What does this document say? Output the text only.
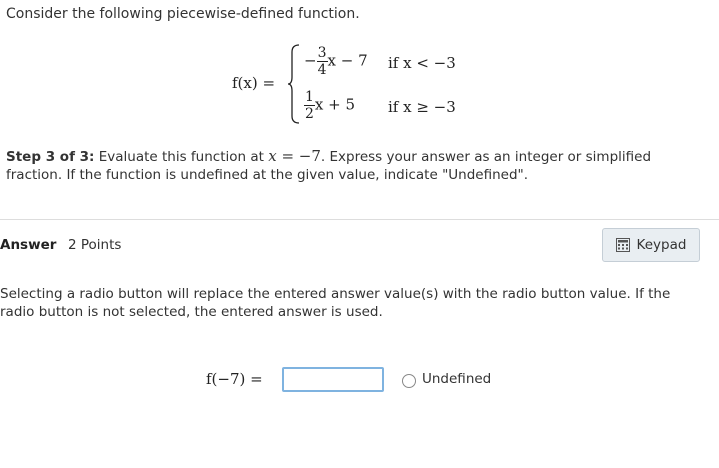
Consider the following piecewise-defined function.
f(x) =
− $\frac{3}{4}$ x − 7 if x < −3
$\frac{1}{2}$ x + 5 if x ≥ −3
Step 3 of 3: Evaluate this function at x = −7. Express your answer as an integer or simplified fraction. If the function is undefined at the given value, indicate "Undefined".
Answer 2 Points	Keypad
Selecting a radio button will replace the entered answer value(s) with the radio button value. If the radio button is not selected, the entered answer is used.
f(−7) =	Undefined
